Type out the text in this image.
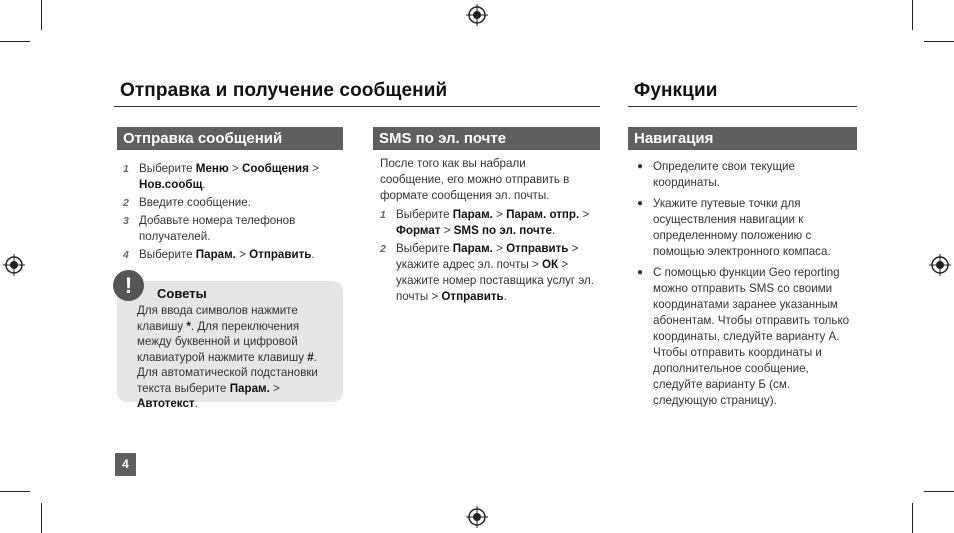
Отправка и получение сообщений
Отправка сообщений
1 Выберите Меню > Сообщения > Нов.сообщ.
2 Введите сообщение.
3 Добавьте номера телефонов получателей.
4 Выберите Парам. > Отправить.
!	Советы
Для ввода символов нажмите клавишу *. Для переключения между буквенной и цифровой клавиатурой нажмите клавишу #. Для автоматической подстановки текста выберите Парам. > Автотекст.
SMS по эл. почте
После того как вы набрали сообщение, его можно отправить в формате сообщения эл. почты.
1 Выберите Парам. > Парам. отпр. > Формат > SMS по эл. почте.
2 Выберите Парам. > Отправить > укажите адрес эл. почты > ОК > укажите номер поставщика услуг эл. почты > Отправить.
4
Функции
Навигация
● Определите свои текущие координаты.
● Укажите путевые точки для осуществления навигации к определенному положению с помощью электронного компаса.
● С помощью функции Geo reporting можно отправить SMS со своими координатами заранее указанным абонентам. Чтобы отправить только координаты, следуйте варианту А. Чтобы отправить координаты и дополнительное сообщение, следуйте варианту Б (см. следующую страницу).
